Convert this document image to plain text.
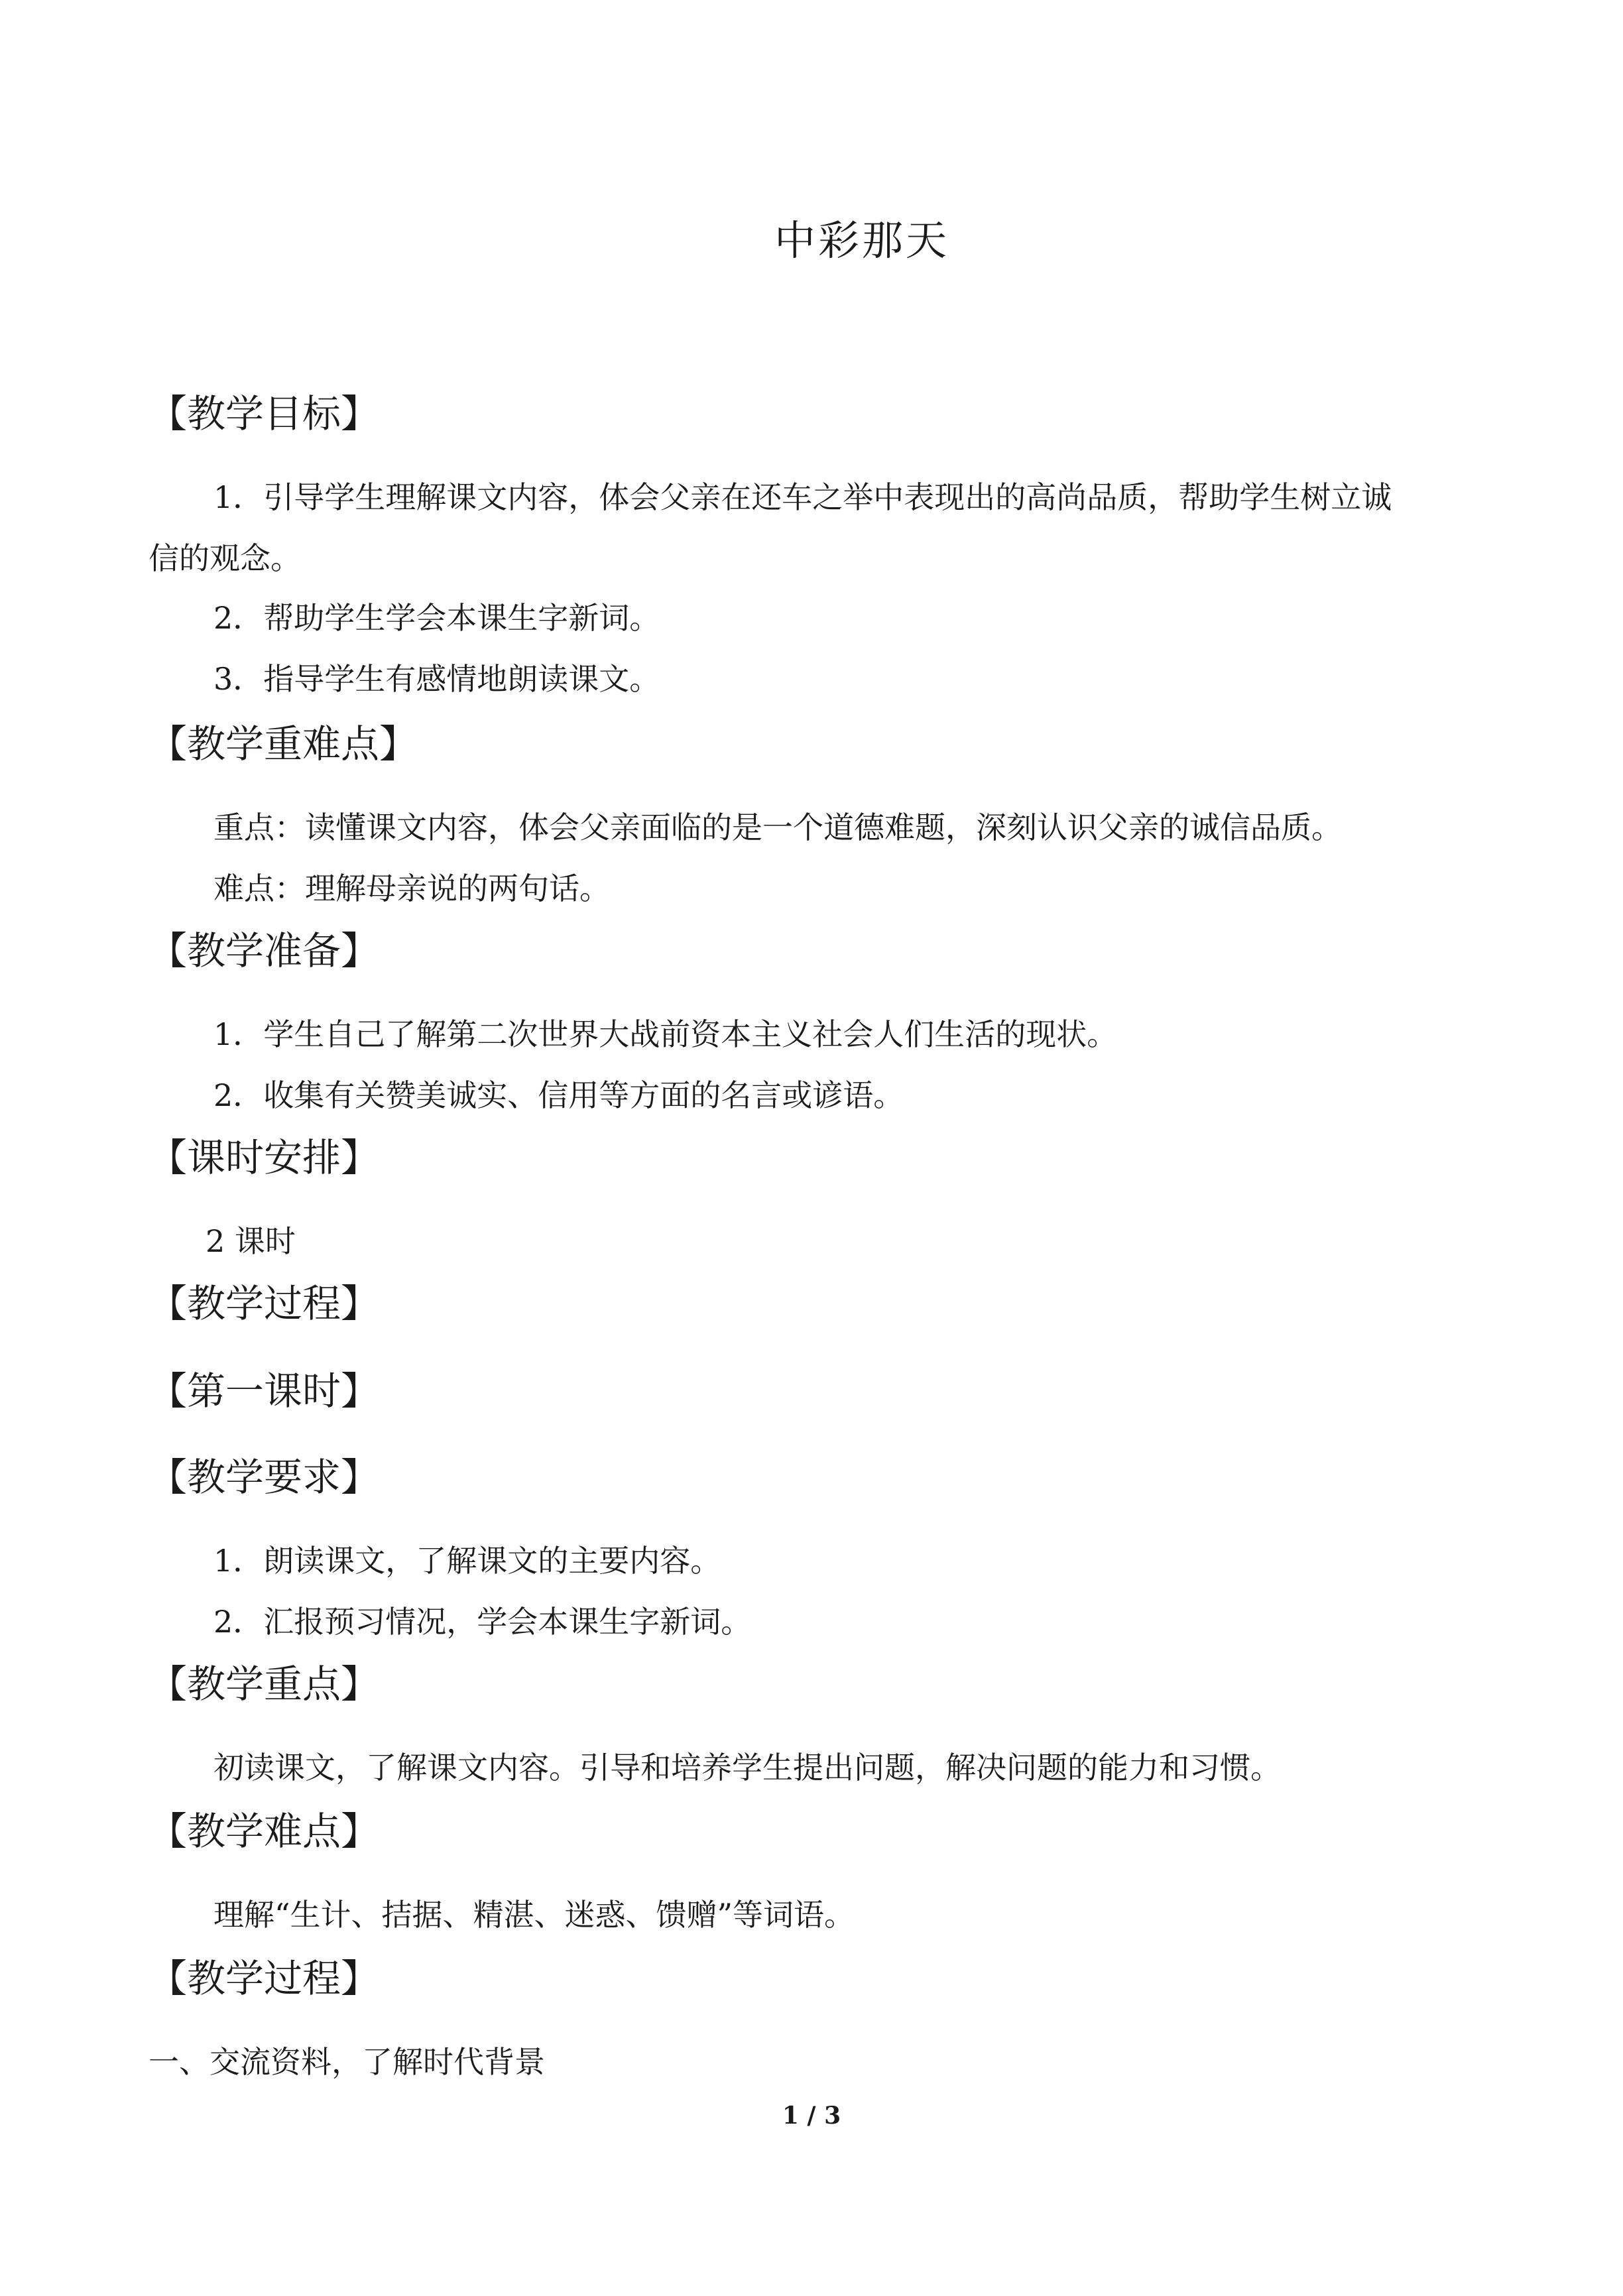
中彩那天
【教学目标】
1．引导学生理解课文内容，体会父亲在还车之举中表现出的高尚品质，帮助学生树立诚
信的观念。
2．帮助学生学会本课生字新词。
3．指导学生有感情地朗读课文。
【教学重难点】
重点：读懂课文内容，体会父亲面临的是一个道德难题，深刻认识父亲的诚信品质。
难点：理解母亲说的两句话。
【教学准备】
1．学生自己了解第二次世界大战前资本主义社会人们生活的现状。
2．收集有关赞美诚实、信用等方面的名言或谚语。
【课时安排】
2 课时
【教学过程】
【第一课时】
【教学要求】
1．朗读课文，了解课文的主要内容。
2．汇报预习情况，学会本课生字新词。
【教学重点】
初读课文，了解课文内容。引导和培养学生提出问题，解决问题的能力和习惯。
【教学难点】
理解“生计、拮据、精湛、迷惑、馈赠”等词语。
【教学过程】
一、交流资料，了解时代背景
1 / 3
